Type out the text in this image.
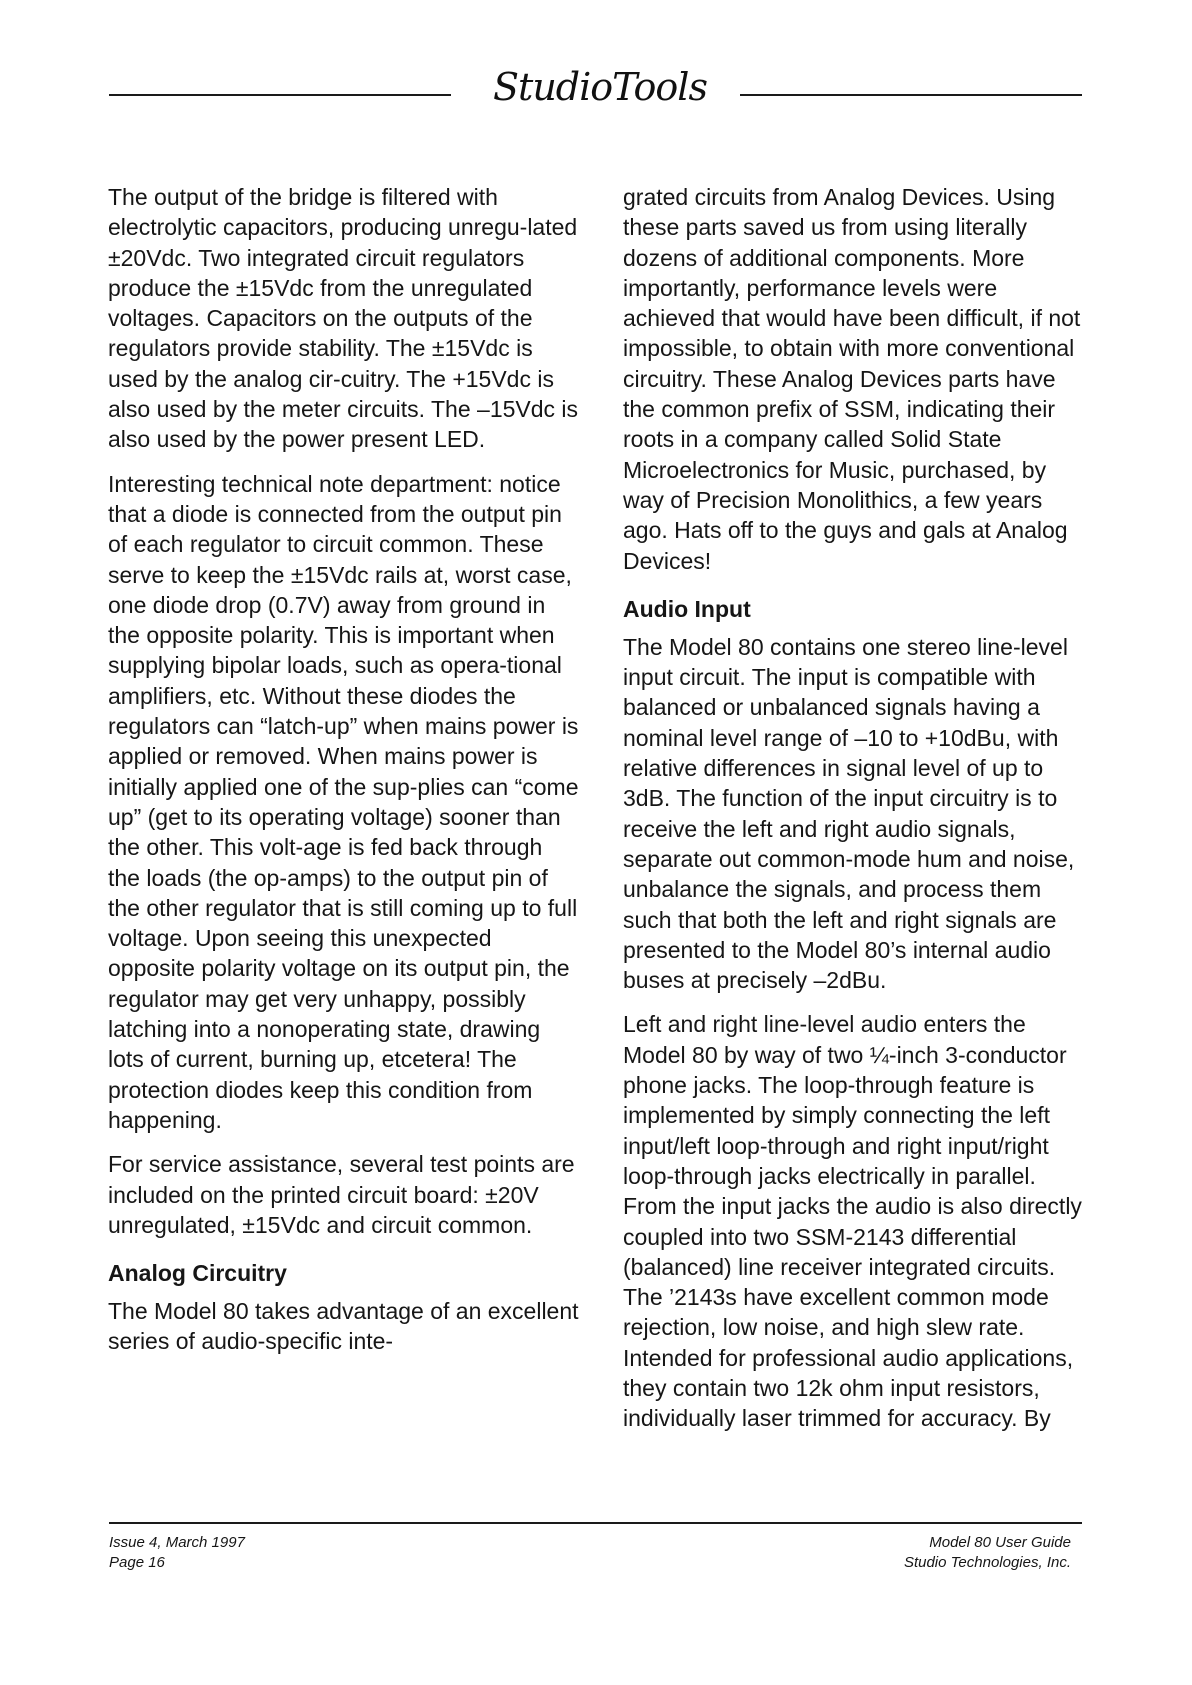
StudioTools

The output of the bridge is filtered with electrolytic capacitors, producing unregu-lated ±20Vdc. Two integrated circuit regulators produce the ±15Vdc from the unregulated voltages. Capacitors on the outputs of the regulators provide stability. The ±15Vdc is used by the analog cir-cuitry. The +15Vdc is also used by the meter circuits. The –15Vdc is also used by the power present LED.

Interesting technical note department: notice that a diode is connected from the output pin of each regulator to circuit common. These serve to keep the ±15Vdc rails at, worst case, one diode drop (0.7V) away from ground in the opposite polarity. This is important when supplying bipolar loads, such as opera-tional amplifiers, etc. Without these diodes the regulators can “latch-up” when mains power is applied or removed. When mains power is initially applied one of the sup-plies can “come up” (get to its operating voltage) sooner than the other. This volt-age is fed back through the loads (the op-amps) to the output pin of the other regulator that is still coming up to full voltage. Upon seeing this unexpected opposite polarity voltage on its output pin, the regulator may get very unhappy, possibly latching into a nonoperating state, drawing lots of current, burning up, etcetera! The protection diodes keep this condition from happening.

For service assistance, several test points are included on the printed circuit board: ±20V unregulated, ±15Vdc and circuit common.

Analog Circuitry

The Model 80 takes advantage of an excellent series of audio-specific inte-

grated circuits from Analog Devices. Using these parts saved us from using literally dozens of additional components. More importantly, performance levels were achieved that would have been difficult, if not impossible, to obtain with more conventional circuitry. These Analog Devices parts have the common prefix of SSM, indicating their roots in a company called Solid State Microelectronics for Music, purchased, by way of Precision Monolithics, a few years ago. Hats off to the guys and gals at Analog Devices!

Audio Input

The Model 80 contains one stereo line-level input circuit. The input is compatible with balanced or unbalanced signals having a nominal level range of –10 to +10dBu, with relative differences in signal level of up to 3dB. The function of the input circuitry is to receive the left and right audio signals, separate out common-mode hum and noise, unbalance the signals, and process them such that both the left and right signals are presented to the Model 80’s internal audio buses at precisely –2dBu.

Left and right line-level audio enters the Model 80 by way of two ¼-inch 3-conductor phone jacks. The loop-through feature is implemented by simply connecting the left input/left loop-through and right input/right loop-through jacks electrically in parallel. From the input jacks the audio is also directly coupled into two SSM-2143 differential (balanced) line receiver integrated circuits. The ’2143s have excellent common mode rejection, low noise, and high slew rate. Intended for professional audio applications, they contain two 12k ohm input resistors, individually laser trimmed for accuracy. By

Issue 4, March 1997
Page 16
Model 80 User Guide
Studio Technologies, Inc.
